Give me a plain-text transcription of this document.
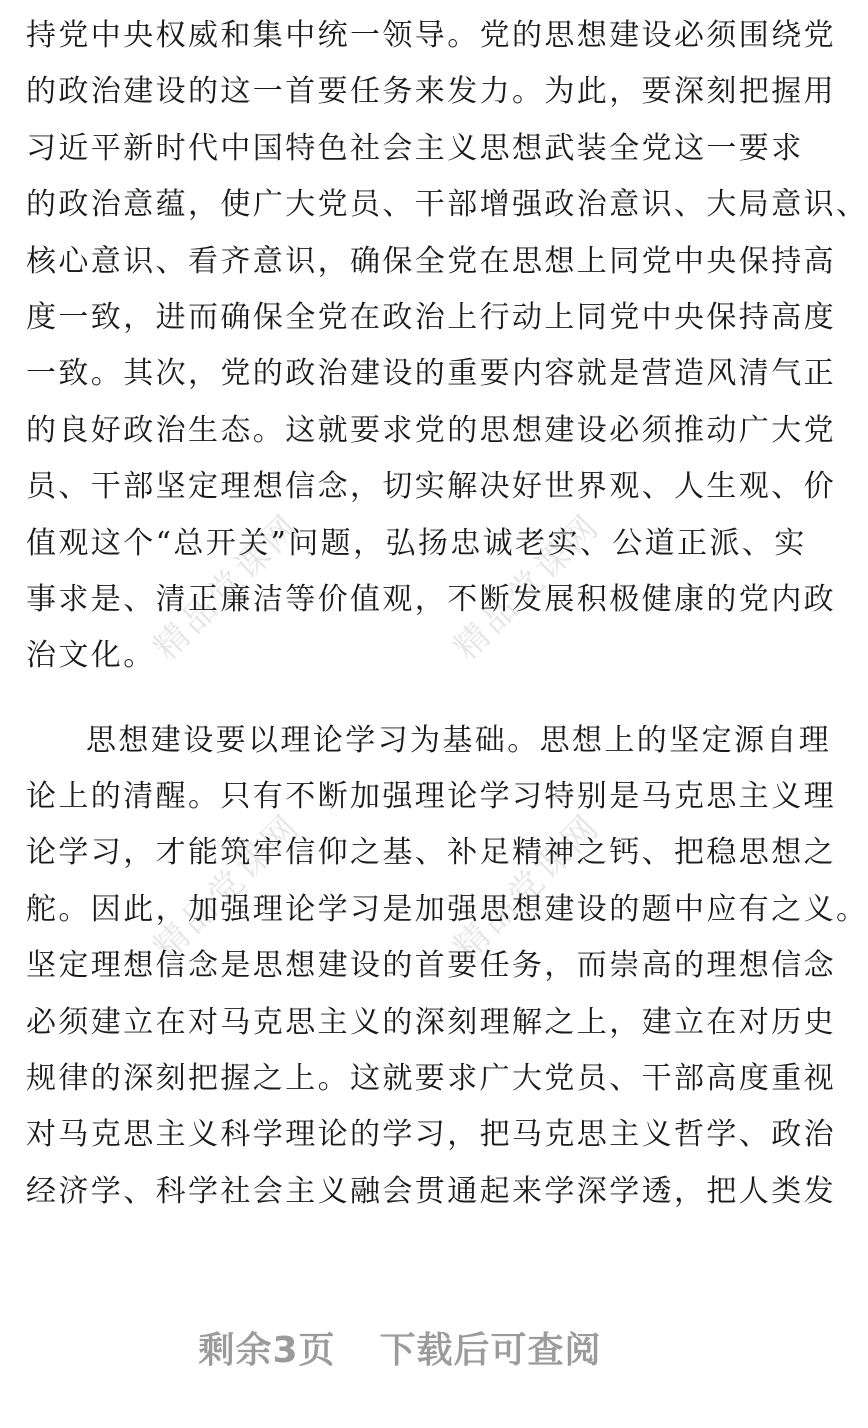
精品党课网	精品党课网
精品党课网	精品党课网
持党中央权威和集中统一领导。党的思想建设必须围绕党
的政治建设的这一首要任务来发力。为此，要深刻把握用
习近平新时代中国特色社会主义思想武装全党这一要求
的政治意蕴，使广大党员、干部增强政治意识、大局意识、
核心意识、看齐意识，确保全党在思想上同党中央保持高
度一致，进而确保全党在政治上行动上同党中央保持高度
一致。其次，党的政治建设的重要内容就是营造风清气正
的良好政治生态。这就要求党的思想建设必须推动广大党
员、干部坚定理想信念，切实解决好世界观、人生观、价
值观这个“总开关”问题，弘扬忠诚老实、公道正派、实
事求是、清正廉洁等价值观，不断发展积极健康的党内政
治文化。
思想建设要以理论学习为基础。思想上的坚定源自理
论上的清醒。只有不断加强理论学习特别是马克思主义理
论学习，才能筑牢信仰之基、补足精神之钙、把稳思想之
舵。因此，加强理论学习是加强思想建设的题中应有之义。
坚定理想信念是思想建设的首要任务，而崇高的理想信念
必须建立在对马克思主义的深刻理解之上，建立在对历史
规律的深刻把握之上。这就要求广大党员、干部高度重视
对马克思主义科学理论的学习，把马克思主义哲学、政治
经济学、科学社会主义融会贯通起来学深学透，把人类发
剩余3页 下载后可查阅
